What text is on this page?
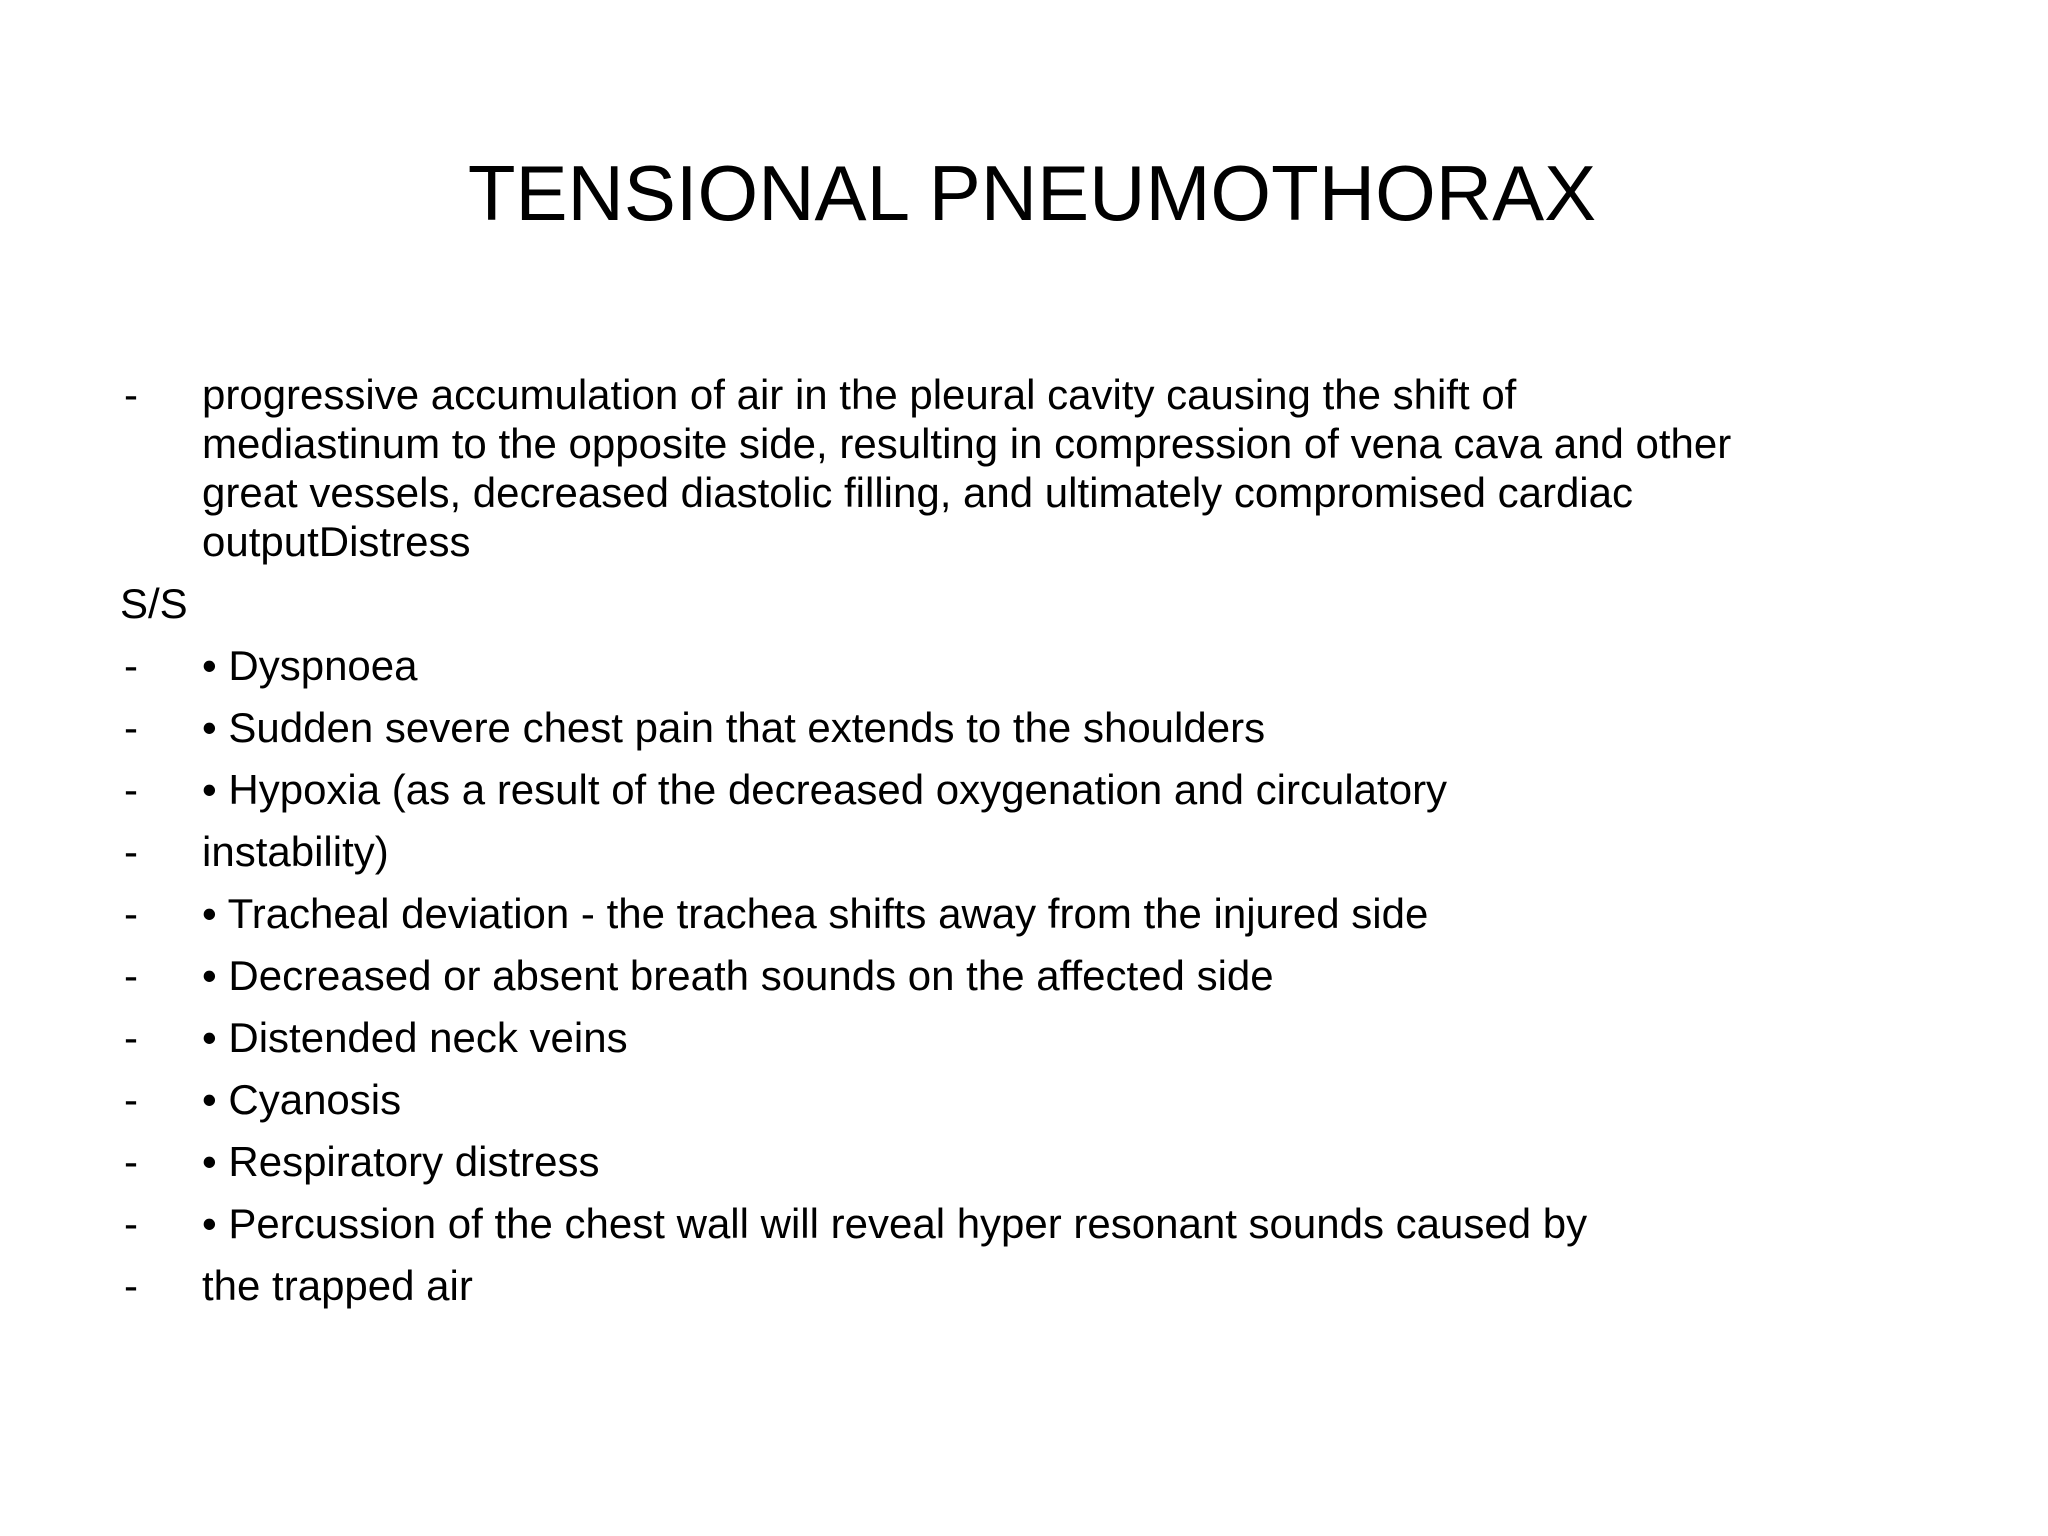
TENSIONAL PNEUMOTHORAX
- progressive accumulation of air in the pleural cavity causing the shift of
mediastinum to the opposite side, resulting in compression of vena cava and other
great vessels, decreased diastolic filling, and ultimately compromised cardiac
outputDistress
S/S
- • Dyspnoea
- • Sudden severe chest pain that extends to the shoulders
- • Hypoxia (as a result of the decreased oxygenation and circulatory
- instability)
- • Tracheal deviation - the trachea shifts away from the injured side
- • Decreased or absent breath sounds on the affected side
- • Distended neck veins
- • Cyanosis
- • Respiratory distress
- • Percussion of the chest wall will reveal hyper resonant sounds caused by
- the trapped air
